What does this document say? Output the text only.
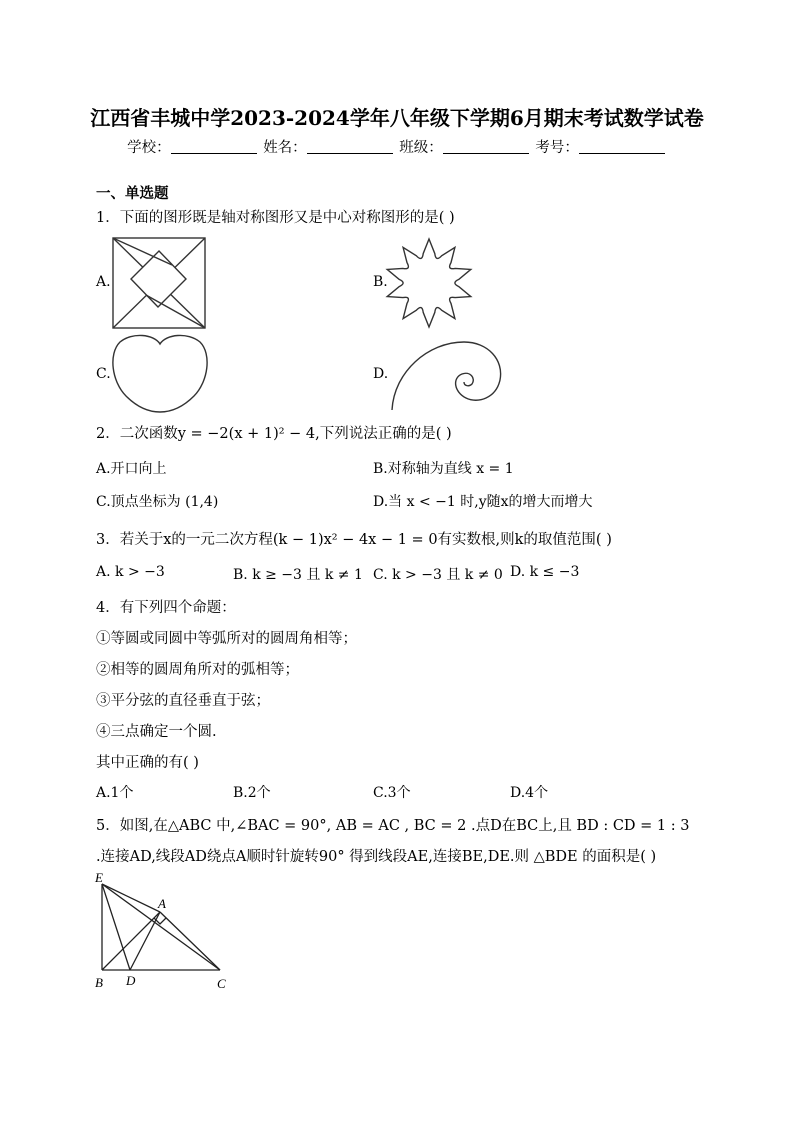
江西省丰城中学2023-2024学年八年级下学期6月期末考试数学试卷
学校：	姓名：	班级：	考号：
一、单选题
1．下面的图形既是轴对称图形又是中心对称图形的是( )
A.	B.
C.	D.
2．二次函数y = −2(x + 1)² − 4,下列说法正确的是( )
A.开口向上	B.对称轴为直线 x = 1
C.顶点坐标为 (1,4)	D.当 x < −1 时,y随x的增大而增大
3．若关于x的一元二次方程(k − 1)x² − 4x − 1 = 0有实数根,则k的取值范围( )
A. k > −3	B. k ≥ −3 且 k ≠ 1 C. k > −3 且 k ≠ 0 D. k ≤ −3
4．有下列四个命题：
①等圆或同圆中等弧所对的圆周角相等；
②相等的圆周角所对的弧相等；
③平分弦的直径垂直于弦；
④三点确定一个圆.
其中正确的有( )
A.1个	B.2个	C.3个	D.4个
5．如图,在△ABC 中,∠BAC = 90°, AB = AC , BC = 2 .点D在BC上,且 BD : CD = 1 : 3
.连接AD,线段AD绕点A顺时针旋转90° 得到线段AE,连接BE,DE.则 △BDE 的面积是( )
E
A
B D	C
